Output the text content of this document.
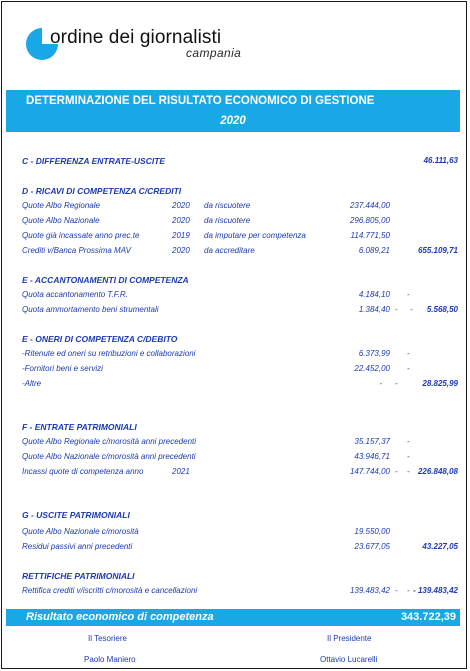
ordine dei giornalisti
campania
DETERMINAZIONE DEL RISULTATO ECONOMICO DI GESTIONE
2020
C - DIFFERENZA ENTRATE-USCITE	46.111,63
D - RICAVI DI COMPETENZA C/CREDITI
Quote Albo Regionale	2020 da riscuotere	237.444,00
Quote Albo Nazionale	2020 da riscuotere	296.805,00
Quote già incassate anno prec.te	2019 da imputare per competenza	114.771,50
Crediti v/Banca Prossima MAV	2020 da accreditare	6.089,21	655.109,71
E - ACCANTONAMENTI DI COMPETENZA
Quota accantonamento T.F.R.	4.184,10 -
Quota ammortamento beni strumentali	1.384,40 - - 5.568,50
E - ONERI DI COMPETENZA C/DEBITO
-Ritenute ed oneri su retribuzioni e collaborazioni	6.373,99 -
-Fornitori beni e servizi	22.452,00 -
-Altre	- -	28.825,99
F - ENTRATE PATRIMONIALI
Quote Albo Regionale c/morosità anni precedenti	35.157,37 -
Quote Albo Nazionale c/morosità anni precedenti	43.946,71 -
Incassi quote di competenza anno	2021	147.744,00 - - 226.848,08
G - USCITE PATRIMONIALI
Quote Albo Nazionale c/morosità	19.550,00
Residui passivi anni precedenti	23.677,05	43.227,05
RETTIFICHE PATRIMONIALI
Rettifica crediti v/iscritti c/morosità e cancellazioni	139.483,42 - - - 139.483,42
Risultato economico di competenza	343.722,39
Il Tesoriere
Paolo Maniero
Il Presidente
Ottavio Lucarelli
